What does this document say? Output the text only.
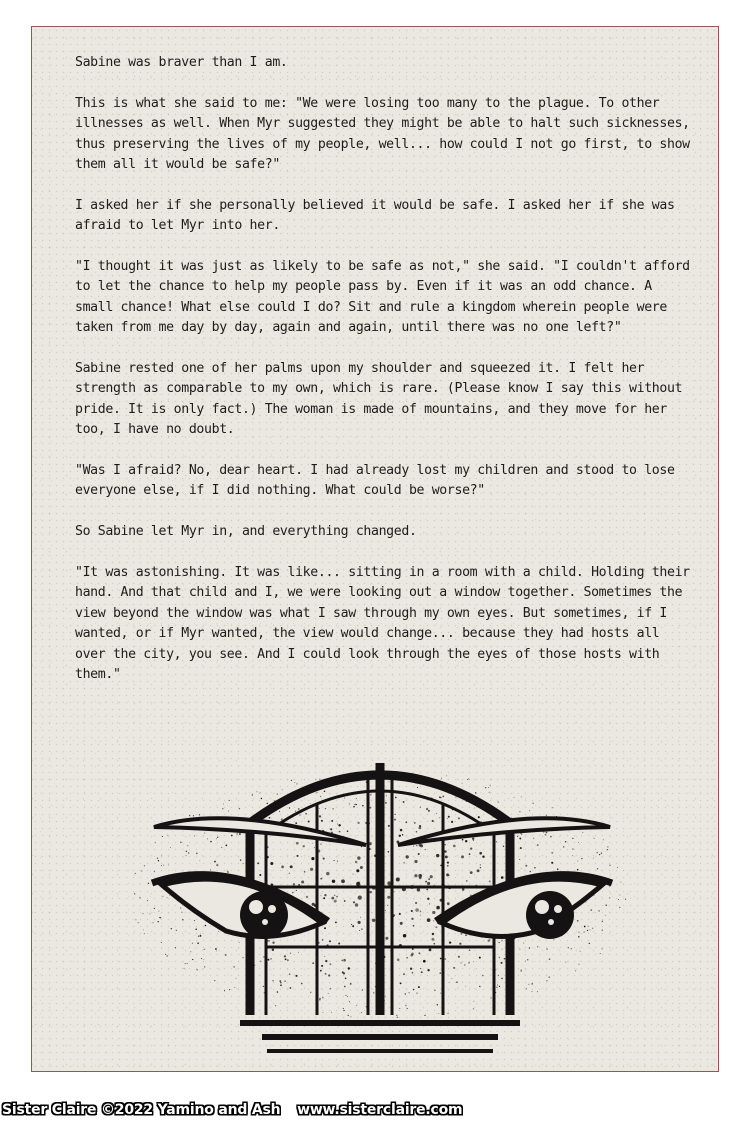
Sabine was braver than I am.

This is what she said to me: "We were losing too many to the plague. To other illnesses as well. When Myr suggested they might be able to halt such sicknesses, thus preserving the lives of my people, well... how could I not go first, to show them all it would be safe?"

I asked her if she personally believed it would be safe. I asked her if she was afraid to let Myr into her.

"I thought it was just as likely to be safe as not," she said. "I couldn't afford to let the chance to help my people pass by. Even if it was an odd chance. A small chance! What else could I do? Sit and rule a kingdom wherein people were taken from me day by day, again and again, until there was no one left?"

Sabine rested one of her palms upon my shoulder and squeezed it. I felt her strength as comparable to my own, which is rare. (Please know I say this without pride. It is only fact.) The woman is made of mountains, and they move for her too, I have no doubt.

"Was I afraid? No, dear heart. I had already lost my children and stood to lose everyone else, if I did nothing. What could be worse?"

So Sabine let Myr in, and everything changed.

"It was astonishing. It was like... sitting in a room with a child. Holding their hand. And that child and I, we were looking out a window together. Sometimes the view beyond the window was what I saw through my own eyes. But sometimes, if I wanted, or if Myr wanted, the view would change... because they had hosts all over the city, you see. And I could look through the eyes of those hosts with them."

Sister Claire ©2022 Yamino and Ash www.sisterclaire.com
